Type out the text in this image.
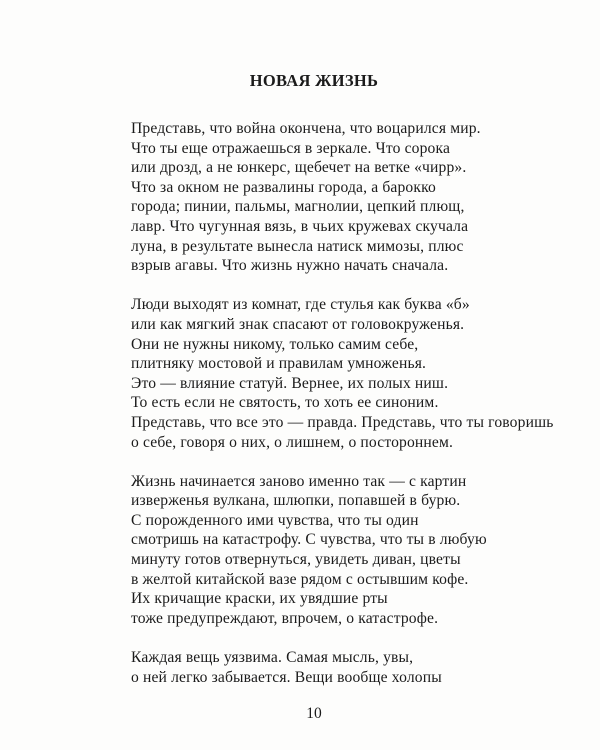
НОВАЯ ЖИЗНЬ
Представь, что война окончена, что воцарился мир.
Что ты еще отражаешься в зеркале. Что сорока
или дрозд, а не юнкерс, щебечет на ветке «чирр».
Что за окном не развалины города, а барокко
города; пинии, пальмы, магнолии, цепкий плющ,
лавр. Что чугунная вязь, в чьих кружевах скучала
луна, в результате вынесла натиск мимозы, плюс
взрыв агавы. Что жизнь нужно начать сначала.
Люди выходят из комнат, где стулья как буква «б»
или как мягкий знак спасают от головокруженья.
Они не нужны никому, только самим себе,
плитняку мостовой и правилам умноженья.
Это — влияние статуй. Вернее, их полых ниш.
То есть если не святость, то хоть ее синоним.
Представь, что все это — правда. Представь, что ты говоришь
о себе, говоря о них, о лишнем, о постороннем.
Жизнь начинается заново именно так — с картин
изверженья вулкана, шлюпки, попавшей в бурю.
С порожденного ими чувства, что ты один
смотришь на катастрофу. С чувства, что ты в любую
минуту готов отвернуться, увидеть диван, цветы
в желтой китайской вазе рядом с остывшим кофе.
Их кричащие краски, их увядшие рты
тоже предупреждают, впрочем, о катастрофе.
Каждая вещь уязвима. Самая мысль, увы,
о ней легко забывается. Вещи вообще холопы
10
